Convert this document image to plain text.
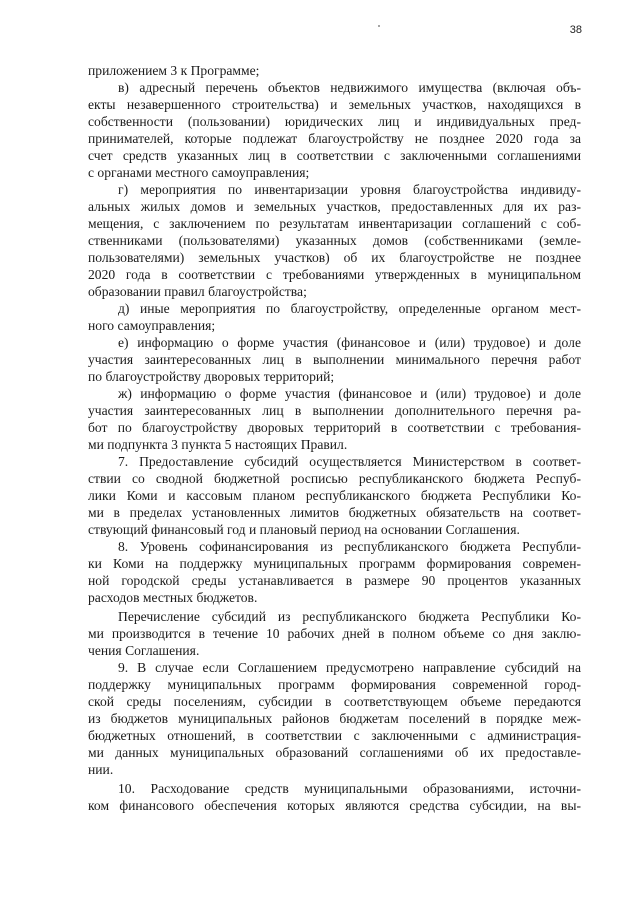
38
приложением 3 к Программе;
в) адресный перечень объектов недвижимого имущества (включая объ-
екты незавершенного строительства) и земельных участков, находящихся в
собственности (пользовании) юридических лиц и индивидуальных пред-
принимателей, которые подлежат благоустройству не позднее 2020 года за
счет средств указанных лиц в соответствии с заключенными соглашениями
с органами местного самоуправления;
г) мероприятия по инвентаризации уровня благоустройства индивиду-
альных жилых домов и земельных участков, предоставленных для их раз-
мещения, с заключением по результатам инвентаризации соглашений с соб-
ственниками (пользователями) указанных домов (собственниками (земле-
пользователями) земельных участков) об их благоустройстве не позднее
2020 года в соответствии с требованиями утвержденных в муниципальном
образовании правил благоустройства;
д) иные мероприятия по благоустройству, определенные органом мест-
ного самоуправления;
е) информацию о форме участия (финансовое и (или) трудовое) и доле
участия заинтересованных лиц в выполнении минимального перечня работ
по благоустройству дворовых территорий;
ж) информацию о форме участия (финансовое и (или) трудовое) и доле
участия заинтересованных лиц в выполнении дополнительного перечня ра-
бот по благоустройству дворовых территорий в соответствии с требования-
ми подпункта 3 пункта 5 настоящих Правил.
7. Предоставление субсидий осуществляется Министерством в соответ-
ствии со сводной бюджетной росписью республиканского бюджета Респуб-
лики Коми и кассовым планом республиканского бюджета Республики Ко-
ми в пределах установленных лимитов бюджетных обязательств на соответ-
ствующий финансовый год и плановый период на основании Соглашения.
8. Уровень софинансирования из республиканского бюджета Республи-
ки Коми на поддержку муниципальных программ формирования современ-
ной городской среды устанавливается в размере 90 процентов указанных
расходов местных бюджетов.
Перечисление субсидий из республиканского бюджета Республики Ко-
ми производится в течение 10 рабочих дней в полном объеме со дня заклю-
чения Соглашения.
9. В случае если Соглашением предусмотрено направление субсидий на
поддержку муниципальных программ формирования современной город-
ской среды поселениям, субсидии в соответствующем объеме передаются
из бюджетов муниципальных районов бюджетам поселений в порядке меж-
бюджетных отношений, в соответствии с заключенными с администрация-
ми данных муниципальных образований соглашениями об их предоставле-
нии.
10. Расходование средств муниципальными образованиями, источни-
ком финансового обеспечения которых являются средства субсидии, на вы-
